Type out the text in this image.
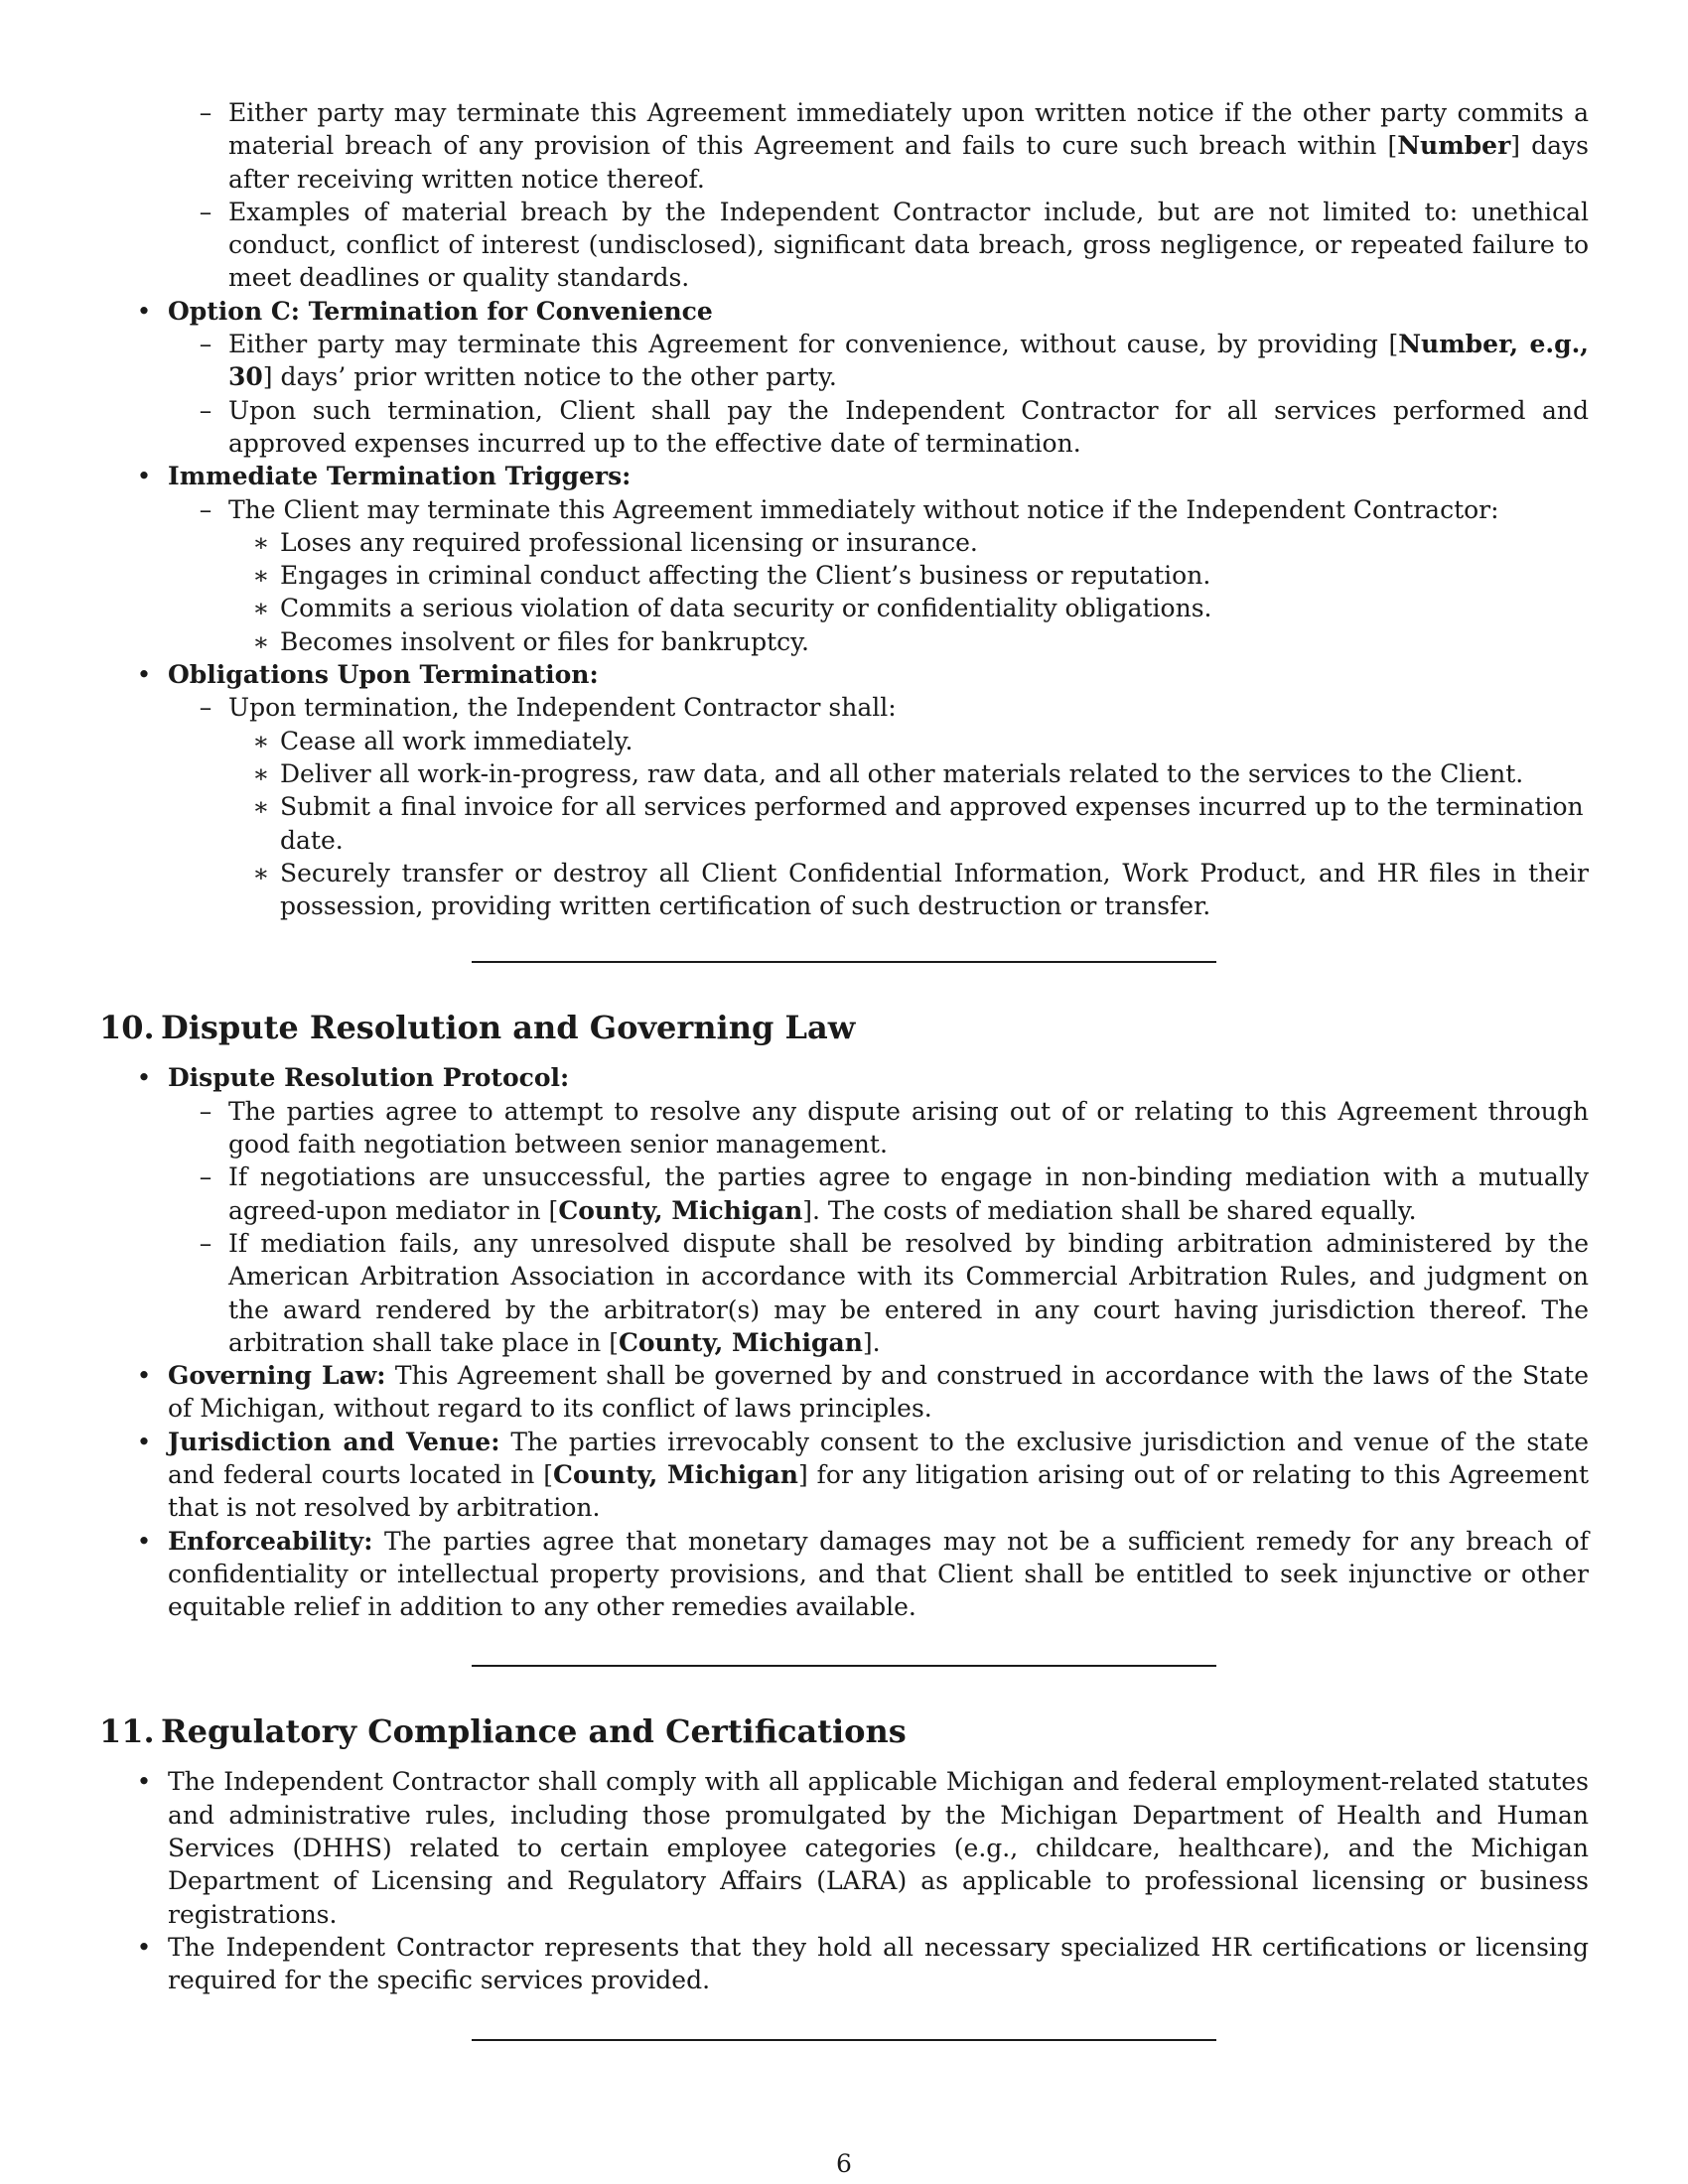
– Either party may terminate this Agreement immediately upon written notice if the other party commits a material breach of any provision of this Agreement and fails to cure such breach within [Number] days after receiving written notice thereof.
– Examples of material breach by the Independent Contractor include, but are not limited to: unethical conduct, conflict of interest (undisclosed), significant data breach, gross negligence, or repeated failure to meet deadlines or quality standards.
• Option C: Termination for Convenience
– Either party may terminate this Agreement for convenience, without cause, by providing [Number, e.g., 30] days’ prior written notice to the other party.
– Upon such termination, Client shall pay the Independent Contractor for all services performed and approved expenses incurred up to the effective date of termination.
• Immediate Termination Triggers:
– The Client may terminate this Agreement immediately without notice if the Independent Contractor:
∗ Loses any required professional licensing or insurance.
∗ Engages in criminal conduct affecting the Client’s business or reputation.
∗ Commits a serious violation of data security or confidentiality obligations.
∗ Becomes insolvent or files for bankruptcy.
• Obligations Upon Termination:
– Upon termination, the Independent Contractor shall:
∗ Cease all work immediately.
∗ Deliver all work-in-progress, raw data, and all other materials related to the services to the Client.
∗ Submit a final invoice for all services performed and approved expenses incurred up to the termination date.
∗ Securely transfer or destroy all Client Confidential Information, Work Product, and HR files in their possession, providing written certification of such destruction or transfer.
10. Dispute Resolution and Governing Law
• Dispute Resolution Protocol:
– The parties agree to attempt to resolve any dispute arising out of or relating to this Agreement through good faith negotiation between senior management.
– If negotiations are unsuccessful, the parties agree to engage in non-binding mediation with a mutually agreed-upon mediator in [County, Michigan]. The costs of mediation shall be shared equally.
– If mediation fails, any unresolved dispute shall be resolved by binding arbitration administered by the American Arbitration Association in accordance with its Commercial Arbitration Rules, and judgment on the award rendered by the arbitrator(s) may be entered in any court having jurisdiction thereof. The arbitration shall take place in [County, Michigan].
• Governing Law: This Agreement shall be governed by and construed in accordance with the laws of the State of Michigan, without regard to its conflict of laws principles.
• Jurisdiction and Venue: The parties irrevocably consent to the exclusive jurisdiction and venue of the state and federal courts located in [County, Michigan] for any litigation arising out of or relating to this Agreement that is not resolved by arbitration.
• Enforceability: The parties agree that monetary damages may not be a sufficient remedy for any breach of confidentiality or intellectual property provisions, and that Client shall be entitled to seek injunctive or other equitable relief in addition to any other remedies available.
11. Regulatory Compliance and Certifications
• The Independent Contractor shall comply with all applicable Michigan and federal employment-related statutes and administrative rules, including those promulgated by the Michigan Department of Health and Human Services (DHHS) related to certain employee categories (e.g., childcare, healthcare), and the Michigan Department of Licensing and Regulatory Affairs (LARA) as applicable to professional licensing or business registrations.
• The Independent Contractor represents that they hold all necessary specialized HR certifications or licensing required for the specific services provided.
6
